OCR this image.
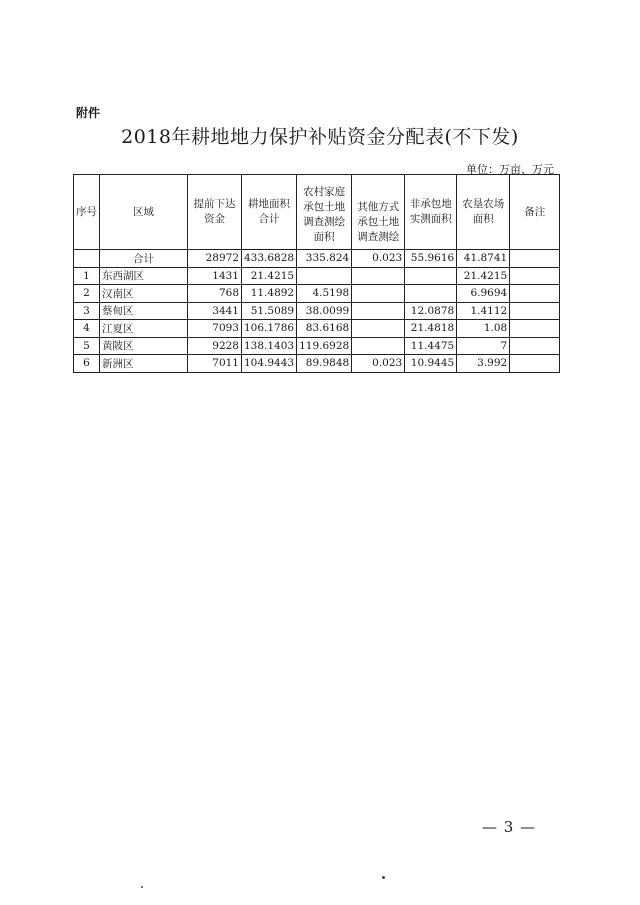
附件
2018年耕地地力保护补贴资金分配表(不下发)
单位：万亩、万元
序号	区域	提前下达资金	耕地面积合计	农村家庭承包土地调查测绘面积	其他方式承包土地调查测绘	非承包地实测面积	农垦农场面积	备注
	合计	28972	433.6828	335.824	0.023	55.9616	41.8741	
1	东西湖区	1431	21.4215				21.4215	
2	汉南区	768	11.4892	4.5198			6.9694	
3	蔡甸区	3441	51.5089	38.0099		12.0878	1.4112	
4	江夏区	7093	106.1786	83.6168		21.4818	1.08	
5	黄陂区	9228	138.1403	119.6928		11.4475	7	
6	新洲区	7011	104.9443	89.9848	0.023	10.9445	3.992	
— 3 —
